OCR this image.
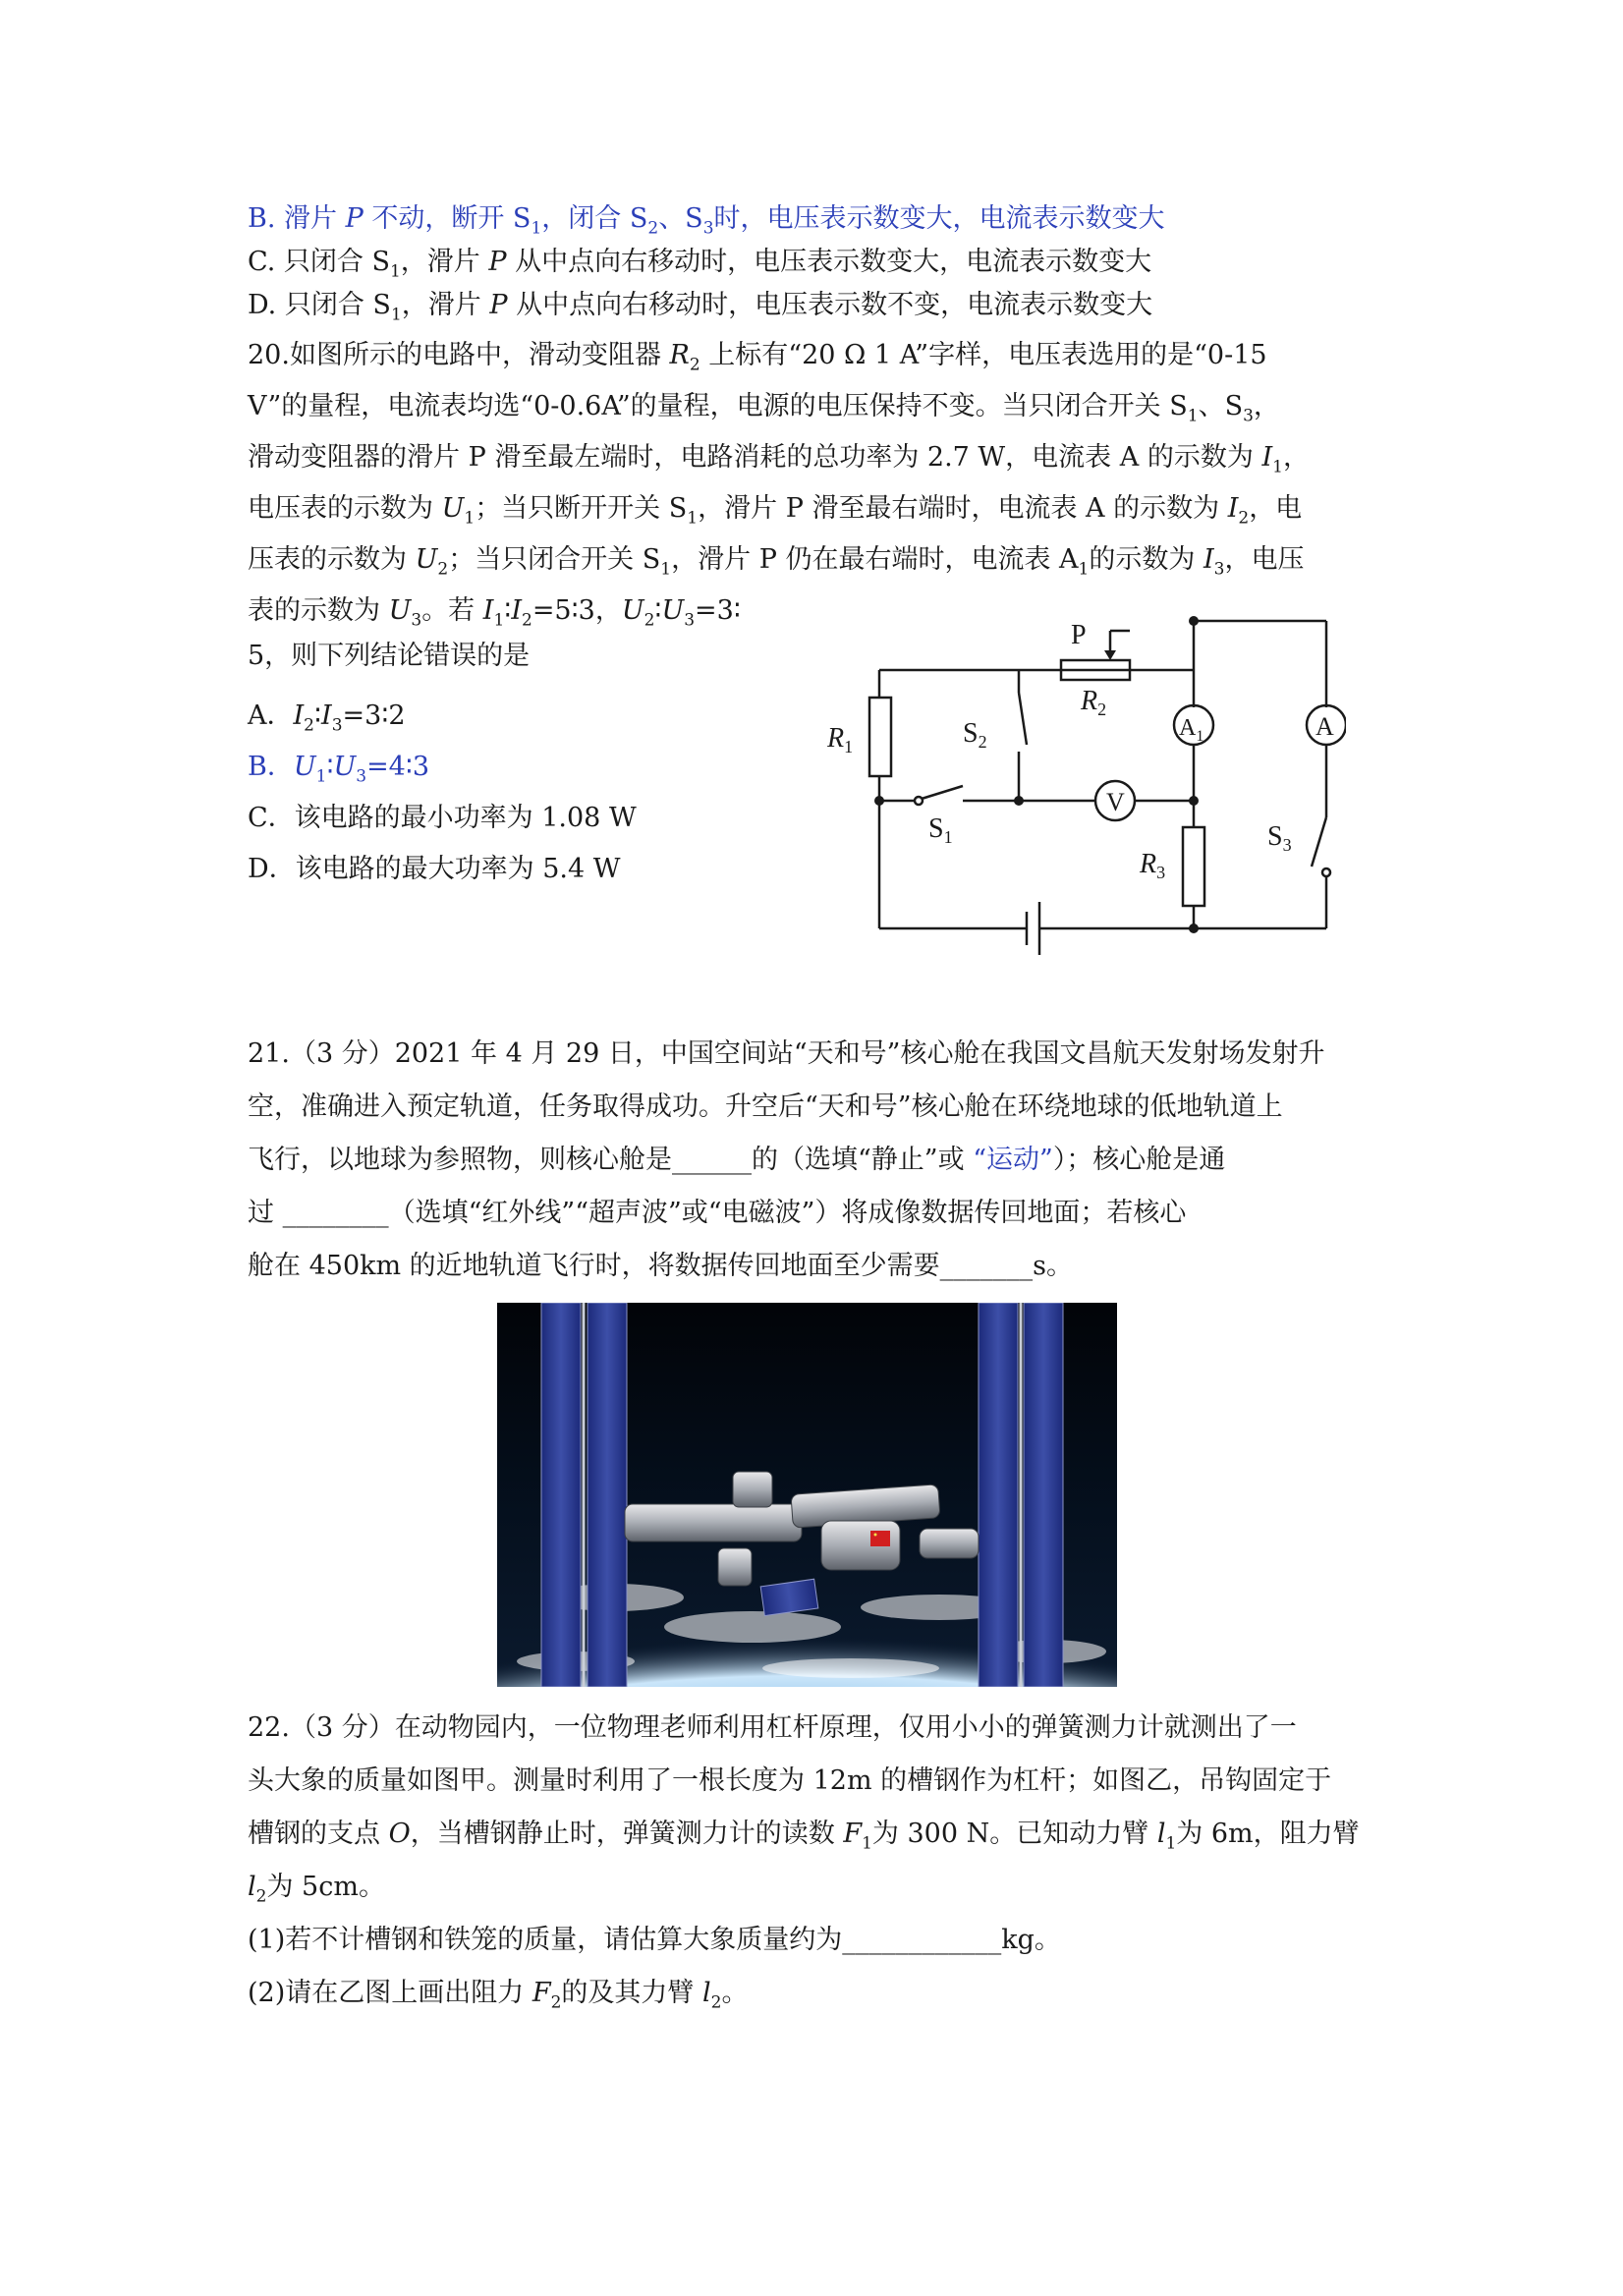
B. 滑片 P 不动，断开 $S_1$，闭合 $S_2$、$S_3$时，电压表示数变大，电流表示数变大
C. 只闭合 $S_1$，滑片 P 从中点向右移动时，电压表示数变大，电流表示数变大
D. 只闭合 $S_1$，滑片 P 从中点向右移动时，电压表示数不变，电流表示数变大
20.如图所示的电路中，滑动变阻器 $R_2$ 上标有“20 Ω 1 A”字样，电压表选用的是“0-15
V”的量程，电流表均选“0-0.6A”的量程，电源的电压保持不变。当只闭合开关 $S_1$、$S_3$，
滑动变阻器的滑片 P 滑至最左端时，电路消耗的总功率为 2.7 W，电流表 A 的示数为 $I_1$，
电压表的示数为 $U_1$；当只断开开关 $S_1$，滑片 P 滑至最右端时，电流表 A 的示数为 $I_2$，电
压表的示数为 $U_2$；当只闭合开关 $S_1$，滑片 P 仍在最右端时，电流表 $A_1$的示数为 $I_3$，电压
表的示数为 $U_3$。若 $I_1∶I_2=5∶3$，$U_2∶U_3=3∶$
5，则下列结论错误的是
A．$I_2∶I_3=3∶2$
B．$U_1∶U_3=4∶3$
C．该电路的最小功率为 1.08 W
D．该电路的最大功率为 5.4 W
P
$R_2$
$R_1$	$S_2$
$S_1$
V
$A_1$	A
$R_3$
$S_3$
21.（3 分）2021 年 4 月 29 日，中国空间站“天和号”核心舱在我国文昌航天发射场发射升
空，准确进入预定轨道，任务取得成功。升空后“天和号”核心舱在环绕地球的低地轨道上
飞行，以地球为参照物，则核心舱是______的（选填“静止”或 “运动”）；核心舱是通
过 ________（选填“红外线”“超声波”或“电磁波”）将成像数据传回地面；若核心
舱在 450km 的近地轨道飞行时，将数据传回地面至少需要_______s。
22.（3 分）在动物园内，一位物理老师利用杠杆原理，仅用小小的弹簧测力计就测出了一
头大象的质量如图甲。测量时利用了一根长度为 12m 的槽钢作为杠杆；如图乙，吊钩固定于
槽钢的支点 O，当槽钢静止时，弹簧测力计的读数 $F_1$为 300 N。已知动力臂 $l_1$为 6m，阻力臂
$l_2$为 5cm。
(1)若不计槽钢和铁笼的质量，请估算大象质量约为____________kg。
(2)请在乙图上画出阻力 $F_2$的及其力臂 $l_2$。
